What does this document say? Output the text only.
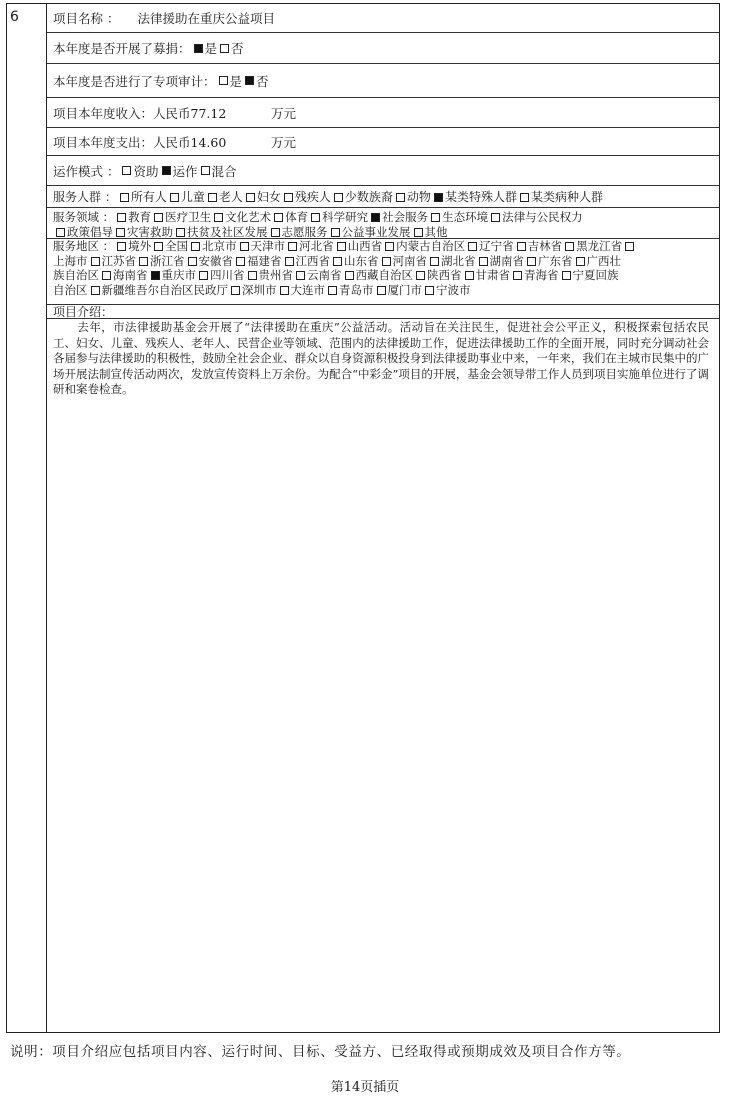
6	项目名称 ： 法律援助在重庆公益项目
本年度是否开展了募捐： 是 否
本年度是否进行了专项审计： 是 否
项目本年度收入： 人民币77.12	万元
项目本年度支出： 人民币14.60	万元
运作模式 ： 资助 运作 混合
服务人群 ：	所有人 儿童 老人 妇女 残疾人 少数族裔 动物 某类特殊人群 某类病种人群
服务领域 ： 教育 医疗卫生 文化艺术 体育 科学研究 社会服务 生态环境 法律与公民权力
政策倡导 灾害救助 扶贫及社区发展 志愿服务 公益事业发展 其他
服务地区 ： 境外 全国 北京市 天津市 河北省 山西省 内蒙古自治区 辽宁省 吉林省 黑龙江省
上海市 江苏省 浙江省 安徽省 福建省 江西省 山东省 河南省 湖北省 湖南省 广东省 广西壮
族自治区 海南省 重庆市 四川省 贵州省 云南省 西藏自治区 陕西省 甘肃省 青海省 宁夏回族
自治区 新疆维吾尔自治区民政厅 深圳市 大连市 青岛市 厦门市 宁波市
项目介绍：
去年，市法律援助基金会开展了“法律援助在重庆”公益活动。活动旨在关注民生，促进社会公平正义，积极探索包括农民工、妇女、儿童、残疾人、老年人、民营企业等领域、范围内的法律援助工作，促进法律援助工作的全面开展，同时充分调动社会各届参与法律援助的积极性，鼓励全社会企业、群众以自身资源积极投身到法律援助事业中来，一年来，我们在主城市民集中的广场开展法制宣传活动两次，发放宣传资料上万余份。为配合“中彩金”项目的开展，基金会领导带工作人员到项目实施单位进行了调研和案卷检查。
说明：项目介绍应包括项目内容、运行时间、目标、受益方、已经取得或预期成效及项目合作方等。
第14页插页
